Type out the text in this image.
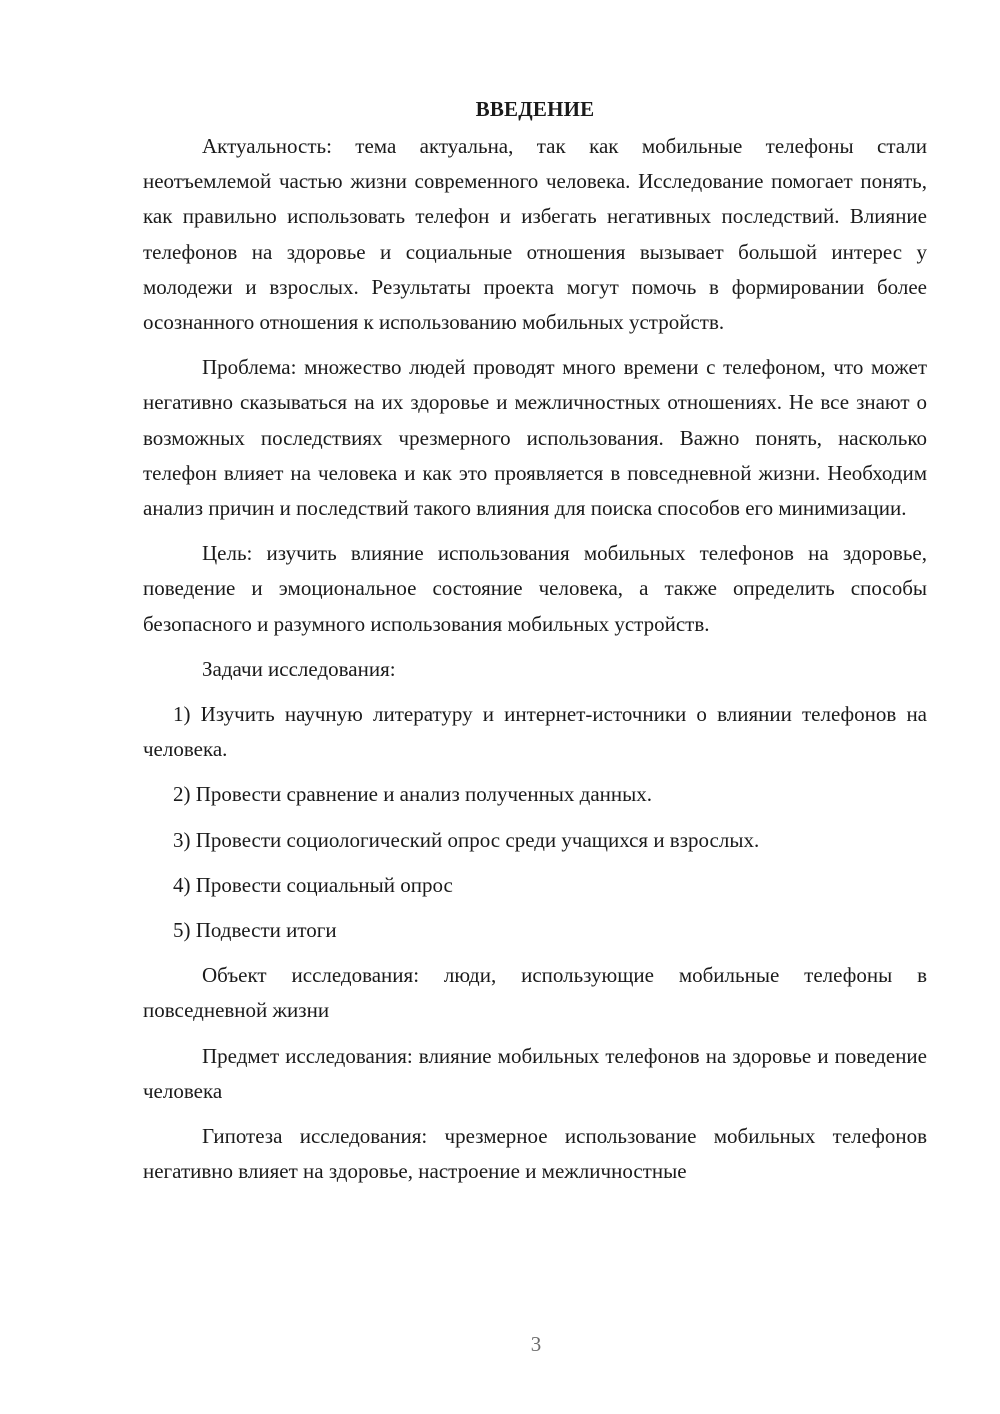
ВВЕДЕНИЕ

Актуальность: тема актуальна, так как мобильные телефоны стали неотъемлемой частью жизни современного человека. Исследование помогает понять, как правильно использовать телефон и избегать негативных последствий. Влияние телефонов на здоровье и социальные отношения вызывает большой интерес у молодежи и взрослых. Результаты проекта могут помочь в формировании более осознанного отношения к использованию мобильных устройств.

Проблема: множество людей проводят много времени с телефоном, что может негативно сказываться на их здоровье и межличностных отношениях. Не все знают о возможных последствиях чрезмерного использования. Важно понять, насколько телефон влияет на человека и как это проявляется в повседневной жизни. Необходим анализ причин и последствий такого влияния для поиска способов его минимизации.

Цель: изучить влияние использования мобильных телефонов на здоровье, поведение и эмоциональное состояние человека, а также определить способы безопасного и разумного использования мобильных устройств.

Задачи исследования:

1) Изучить научную литературу и интернет-источники о влиянии телефонов на человека.

2) Провести сравнение и анализ полученных данных.

3) Провести социологический опрос среди учащихся и взрослых.

4) Провести социальный опрос

5) Подвести итоги

Объект исследования: люди, использующие мобильные телефоны в повседневной жизни

Предмет исследования: влияние мобильных телефонов на здоровье и поведение человека

Гипотеза исследования: чрезмерное использование мобильных телефонов негативно влияет на здоровье, настроение и межличностные

3
